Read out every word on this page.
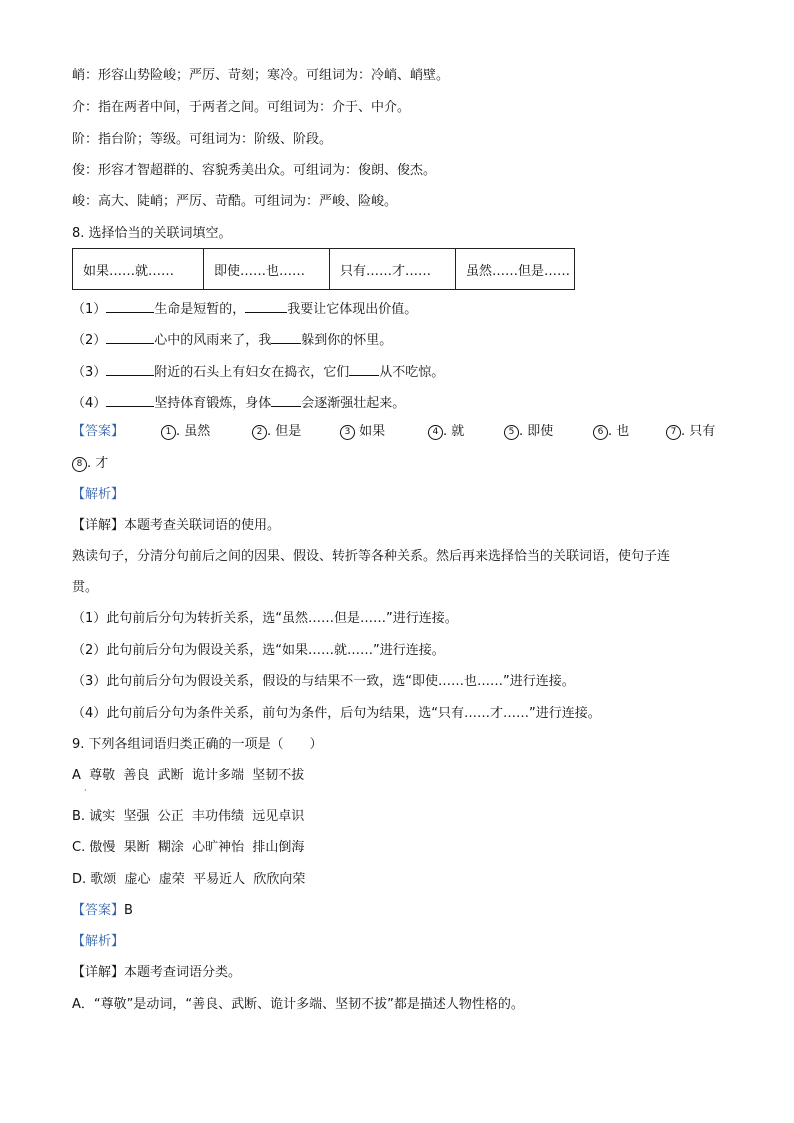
峭：形容山势险峻；严厉、苛刻；寒冷。可组词为：冷峭、峭壁。
介：指在两者中间，于两者之间。可组词为：介于、中介。
阶：指台阶；等级。可组词为：阶级、阶段。
俊：形容才智超群的、容貌秀美出众。可组词为：俊朗、俊杰。
峻：高大、陡峭；严厉、苛酷。可组词为：严峻、险峻。
8. 选择恰当的关联词填空。
如果……就……	即使……也……	只有……才……	虽然……但是……
（1）	生命是短暂的，	我要让它体现出价值。
（2）	心中的风雨来了，我 躲到你的怀里。
（3）	附近的石头上有妇女在捣衣，它们 从不吃惊。
（4）	坚持体育锻炼，身体 会逐渐强壮起来。
【答案】	1 . 虽然	2 . 但是	3 如果	4 . 就	5 . 即使	6 . 也	7 . 只有
8 . 才
【解析】
【详解】本题考查关联词语的使用。
熟读句子，分清分句前后之间的因果、假设、转折等各种关系。然后再来选择恰当的关联词语，使句子连
贯。
（1）此句前后分句为转折关系，选“虽然……但是……”进行连接。
（2）此句前后分句为假设关系，选“如果……就……”进行连接。
（3）此句前后分句为假设关系，假设的与结果不一致，选“即使……也……”进行连接。
（4）此句前后分句为条件关系，前句为条件，后句为结果，选“只有……才……”进行连接。
9. 下列各组词语归类正确的一项是（　　）
A  尊敬  善良  武断  诡计多端  坚韧不拔
·
B. 诚实  坚强  公正  丰功伟绩  远见卓识
C. 傲慢  果断  糊涂  心旷神怡  排山倒海
D. 歌颂  虚心  虚荣  平易近人  欣欣向荣
【答案】B
【解析】
【详解】本题考查词语分类。
A．“尊敬”是动词，“善良、武断、诡计多端、坚韧不拔”都是描述人物性格的。
